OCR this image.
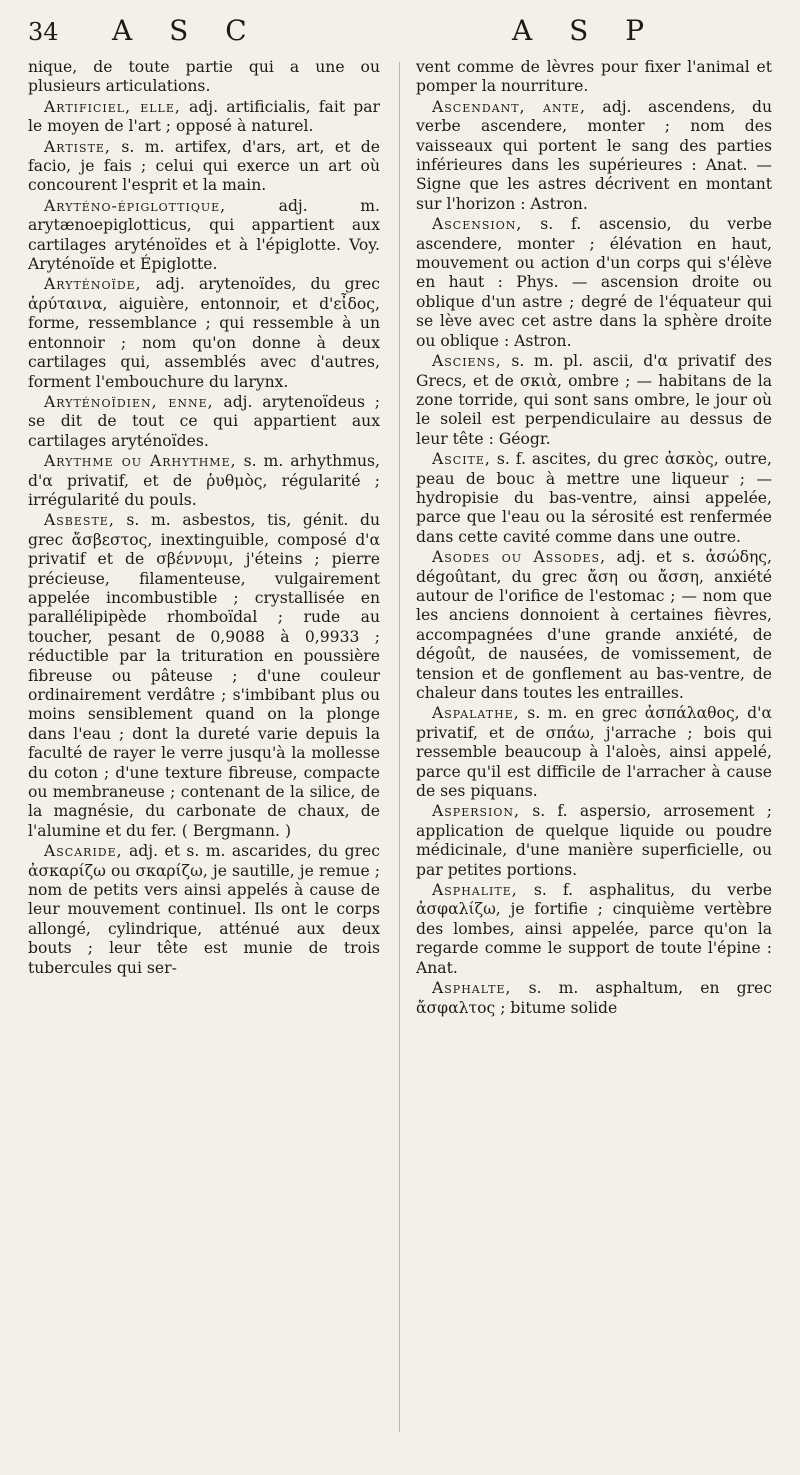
34 A S C	A S P

nique, de toute partie qui a une ou plusieurs articulations.

Artificiel, elle, adj. artificialis, fait par le moyen de l'art ; opposé à naturel.

Artiste, s. m. artifex, d'ars, art, et de facio, je fais ; celui qui exerce un art où concourent l'esprit et la main.

Aryténo-épiglottique,	adj. m. arytænoepiglotticus, qui appartient aux cartilages aryténoïdes et à l'épiglotte. Voy. Aryténoïde et Épiglotte.

Aryténoïde, adj. arytenoïdes, du grec ἀρύταινα, aiguière, entonnoir, et d'εἶδος, forme, ressemblance ; qui ressemble à un entonnoir ; nom qu'on donne à deux cartilages qui, assemblés avec d'autres, forment l'embouchure du larynx.

Aryténoïdien, enne, adj. arytenoïdeus ; se dit de tout ce qui appartient aux cartilages aryténoïdes.

Arythme ou Arhythme, s. m. arhythmus, d'α privatif, et de ῥυθμὸς, régularité ; irrégularité du pouls.

Asbeste, s. m. asbestos, tis, génit. du grec ἄσβεστος, inextinguible, composé d'α privatif et de σβέννυμι, j'éteins ; pierre précieuse, filamenteuse, vulgairement appelée incombustible ; crystallisée en parallélipipède rhomboïdal ; rude au toucher, pesant de 0,9088 à 0,9933 ; réductible par la trituration en poussière fibreuse ou pâteuse ; d'une couleur ordinairement verdâtre ; s'imbibant plus ou moins sensiblement quand on la plonge dans l'eau ; dont la dureté varie depuis la faculté de rayer le verre jusqu'à la mollesse du coton ; d'une texture fibreuse, compacte ou membraneuse ; contenant de la silice, de la magnésie, du carbonate de chaux, de l'alumine et du fer. ( Bergmann. )

Ascaride, adj. et s. m. ascarides, du grec ἀσκαρίζω ou σκαρίζω, je sautille, je remue ; nom de petits vers ainsi appelés à cause de leur mouvement continuel. Ils ont le corps allongé, cylindrique, atténué aux deux bouts ; leur tête est munie de trois tubercules qui ser-

vent comme de lèvres pour fixer l'animal et pomper la nourriture.

Ascendant, ante, adj. ascendens, du verbe ascendere, monter ; nom des vaisseaux qui portent le sang des parties inférieures dans les supérieures : Anat. — Signe que les astres décrivent en montant sur l'horizon : Astron.

Ascension, s. f. ascensio, du verbe ascendere, monter ; élévation en haut, mouvement ou action d'un corps qui s'élève en haut : Phys. — ascension droite ou oblique d'un astre ; degré de l'équateur qui se lève avec cet astre dans la sphère droite ou oblique : Astron.

Asciens, s. m. pl. ascii, d'α privatif des Grecs, et de σκιὰ, ombre ; — habitans de la zone torride, qui sont sans ombre, le jour où le soleil est perpendiculaire au dessus de leur tête : Géogr.

Ascite, s. f. ascites, du grec ἀσκὸς, outre, peau de bouc à mettre une liqueur ; — hydropisie du bas-ventre, ainsi appelée, parce que l'eau ou la sérosité est renfermée dans cette cavité comme dans une outre.

Asodes ou Assodes, adj. et s. ἀσώδης, dégoûtant, du grec ἄση ou ἄσση, anxiété autour de l'orifice de l'estomac ; — nom que les anciens donnoient à certaines fièvres, accompagnées d'une grande anxiété, de dégoût, de nausées, de vomissement, de tension et de gonflement au bas-ventre, de chaleur dans toutes les entrailles.

Aspalathe, s. m. en grec ἀσπάλαθος, d'α privatif, et de σπάω, j'arrache ; bois qui ressemble beaucoup à l'aloès, ainsi appelé, parce qu'il est difficile de l'arracher à cause de ses piquans.

Aspersion, s. f. aspersio, arrosement ; application de quelque liquide ou poudre médicinale, d'une manière superficielle, ou par petites portions.

Asphalite, s. f. asphalitus, du verbe ἀσφαλίζω, je fortifie ; cinquième vertèbre des lombes, ainsi appelée, parce qu'on la regarde comme le support de toute l'épine : Anat.

Asphalte, s. m. asphaltum, en grec ἄσφαλτος ; bitume solide
